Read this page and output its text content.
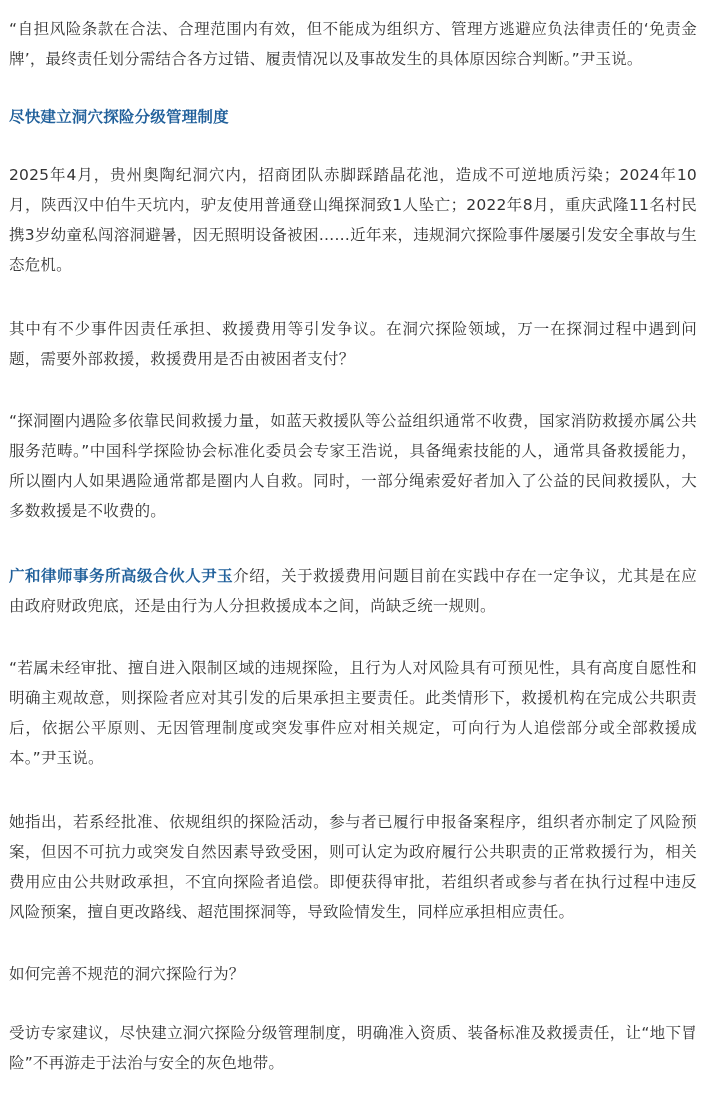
“自担风险条款在合法、合理范围内有效，但不能成为组织方、管理方逃避应负法律责任的‘免责金牌’，最终责任划分需结合各方过错、履责情况以及事故发生的具体原因综合判断。”尹玉说。

尽快建立洞穴探险分级管理制度

2025年4月，贵州奥陶纪洞穴内，招商团队赤脚踩踏晶花池，造成不可逆地质污染；2024年10月，陕西汉中伯牛天坑内，驴友使用普通登山绳探洞致1人坠亡；2022年8月，重庆武隆11名村民携3岁幼童私闯溶洞避暑，因无照明设备被困……近年来，违规洞穴探险事件屡屡引发安全事故与生态危机。

其中有不少事件因责任承担、救援费用等引发争议。在洞穴探险领域，万一在探洞过程中遇到问题，需要外部救援，救援费用是否由被困者支付？

“探洞圈内遇险多依靠民间救援力量，如蓝天救援队等公益组织通常不收费，国家消防救援亦属公共服务范畴。”中国科学探险协会标准化委员会专家王浩说，具备绳索技能的人，通常具备救援能力，所以圈内人如果遇险通常都是圈内人自救。同时，一部分绳索爱好者加入了公益的民间救援队，大多数救援是不收费的。

广和律师事务所高级合伙人尹玉介绍，关于救援费用问题目前在实践中存在一定争议，尤其是在应由政府财政兜底，还是由行为人分担救援成本之间，尚缺乏统一规则。

“若属未经审批、擅自进入限制区域的违规探险，且行为人对风险具有可预见性，具有高度自愿性和明确主观故意，则探险者应对其引发的后果承担主要责任。此类情形下，救援机构在完成公共职责后，依据公平原则、无因管理制度或突发事件应对相关规定，可向行为人追偿部分或全部救援成本。”尹玉说。

她指出，若系经批准、依规组织的探险活动，参与者已履行申报备案程序，组织者亦制定了风险预案，但因不可抗力或突发自然因素导致受困，则可认定为政府履行公共职责的正常救援行为，相关费用应由公共财政承担，不宜向探险者追偿。即便获得审批，若组织者或参与者在执行过程中违反风险预案，擅自更改路线、超范围探洞等，导致险情发生，同样应承担相应责任。

如何完善不规范的洞穴探险行为？

受访专家建议，尽快建立洞穴探险分级管理制度，明确准入资质、装备标准及救援责任，让“地下冒险”不再游走于法治与安全的灰色地带。
